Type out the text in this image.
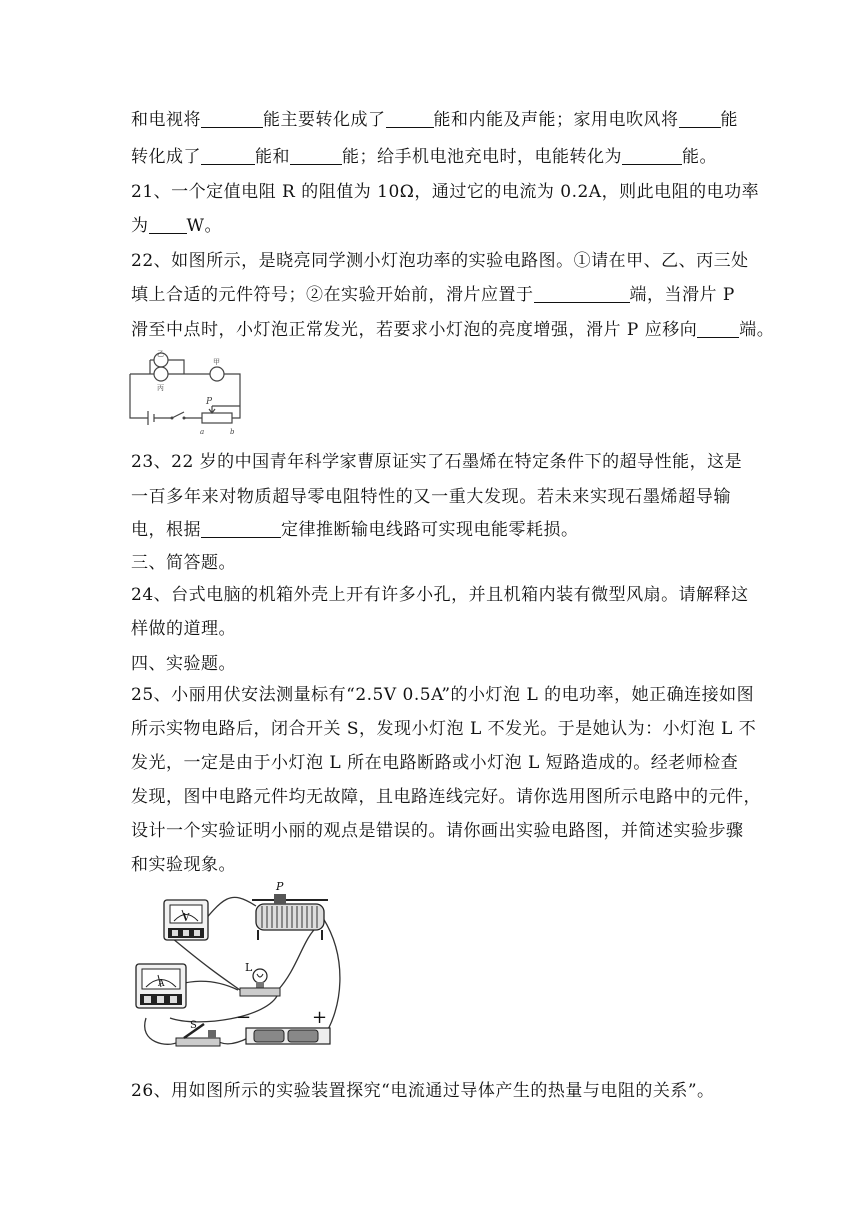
和电视将	能主要转化成了	能和内能及声能；家用电吹风将 能
转化成了	能和	能；给手机电池充电时，电能转化为	能。
21、一个定值电阻 R 的阻值为 10Ω，通过它的电流为 0.2A，则此电阻的电功率
为 W。
22、如图所示，是晓亮同学测小灯泡功率的实验电路图。①请在甲、乙、丙三处
填上合适的元件符号；②在实验开始前，滑片应置于	端，当滑片 P
滑至中点时，小灯泡正常发光，若要求小灯泡的亮度增强，滑片 P 应移向 端。
乙
丙
甲
P
a	b
23、22 岁的中国青年科学家曹原证实了石墨烯在特定条件下的超导性能，这是
一百多年来对物质超导零电阻特性的又一重大发现。若未来实现石墨烯超导输
电，根据	定律推断输电线路可实现电能零耗损。
三、简答题。
24、台式电脑的机箱外壳上开有许多小孔，并且机箱内装有微型风扇。请解释这
样做的道理。
四、实验题。
25、小丽用伏安法测量标有“2.5V 0.5A”的小灯泡 L 的电功率，她正确连接如图
所示实物电路后，闭合开关 S，发现小灯泡 L 不发光。于是她认为：小灯泡 L 不
发光，一定是由于小灯泡 L 所在电路断路或小灯泡 L 短路造成的。经老师检查
发现，图中电路元件均无故障，且电路连线完好。请你选用图所示电路中的元件，
设计一个实验证明小丽的观点是错误的。请你画出实验电路图，并简述实验步骤
和实验现象。
V
A
P
L
S −	+
26、用如图所示的实验装置探究“电流通过导体产生的热量与电阻的关系”。
